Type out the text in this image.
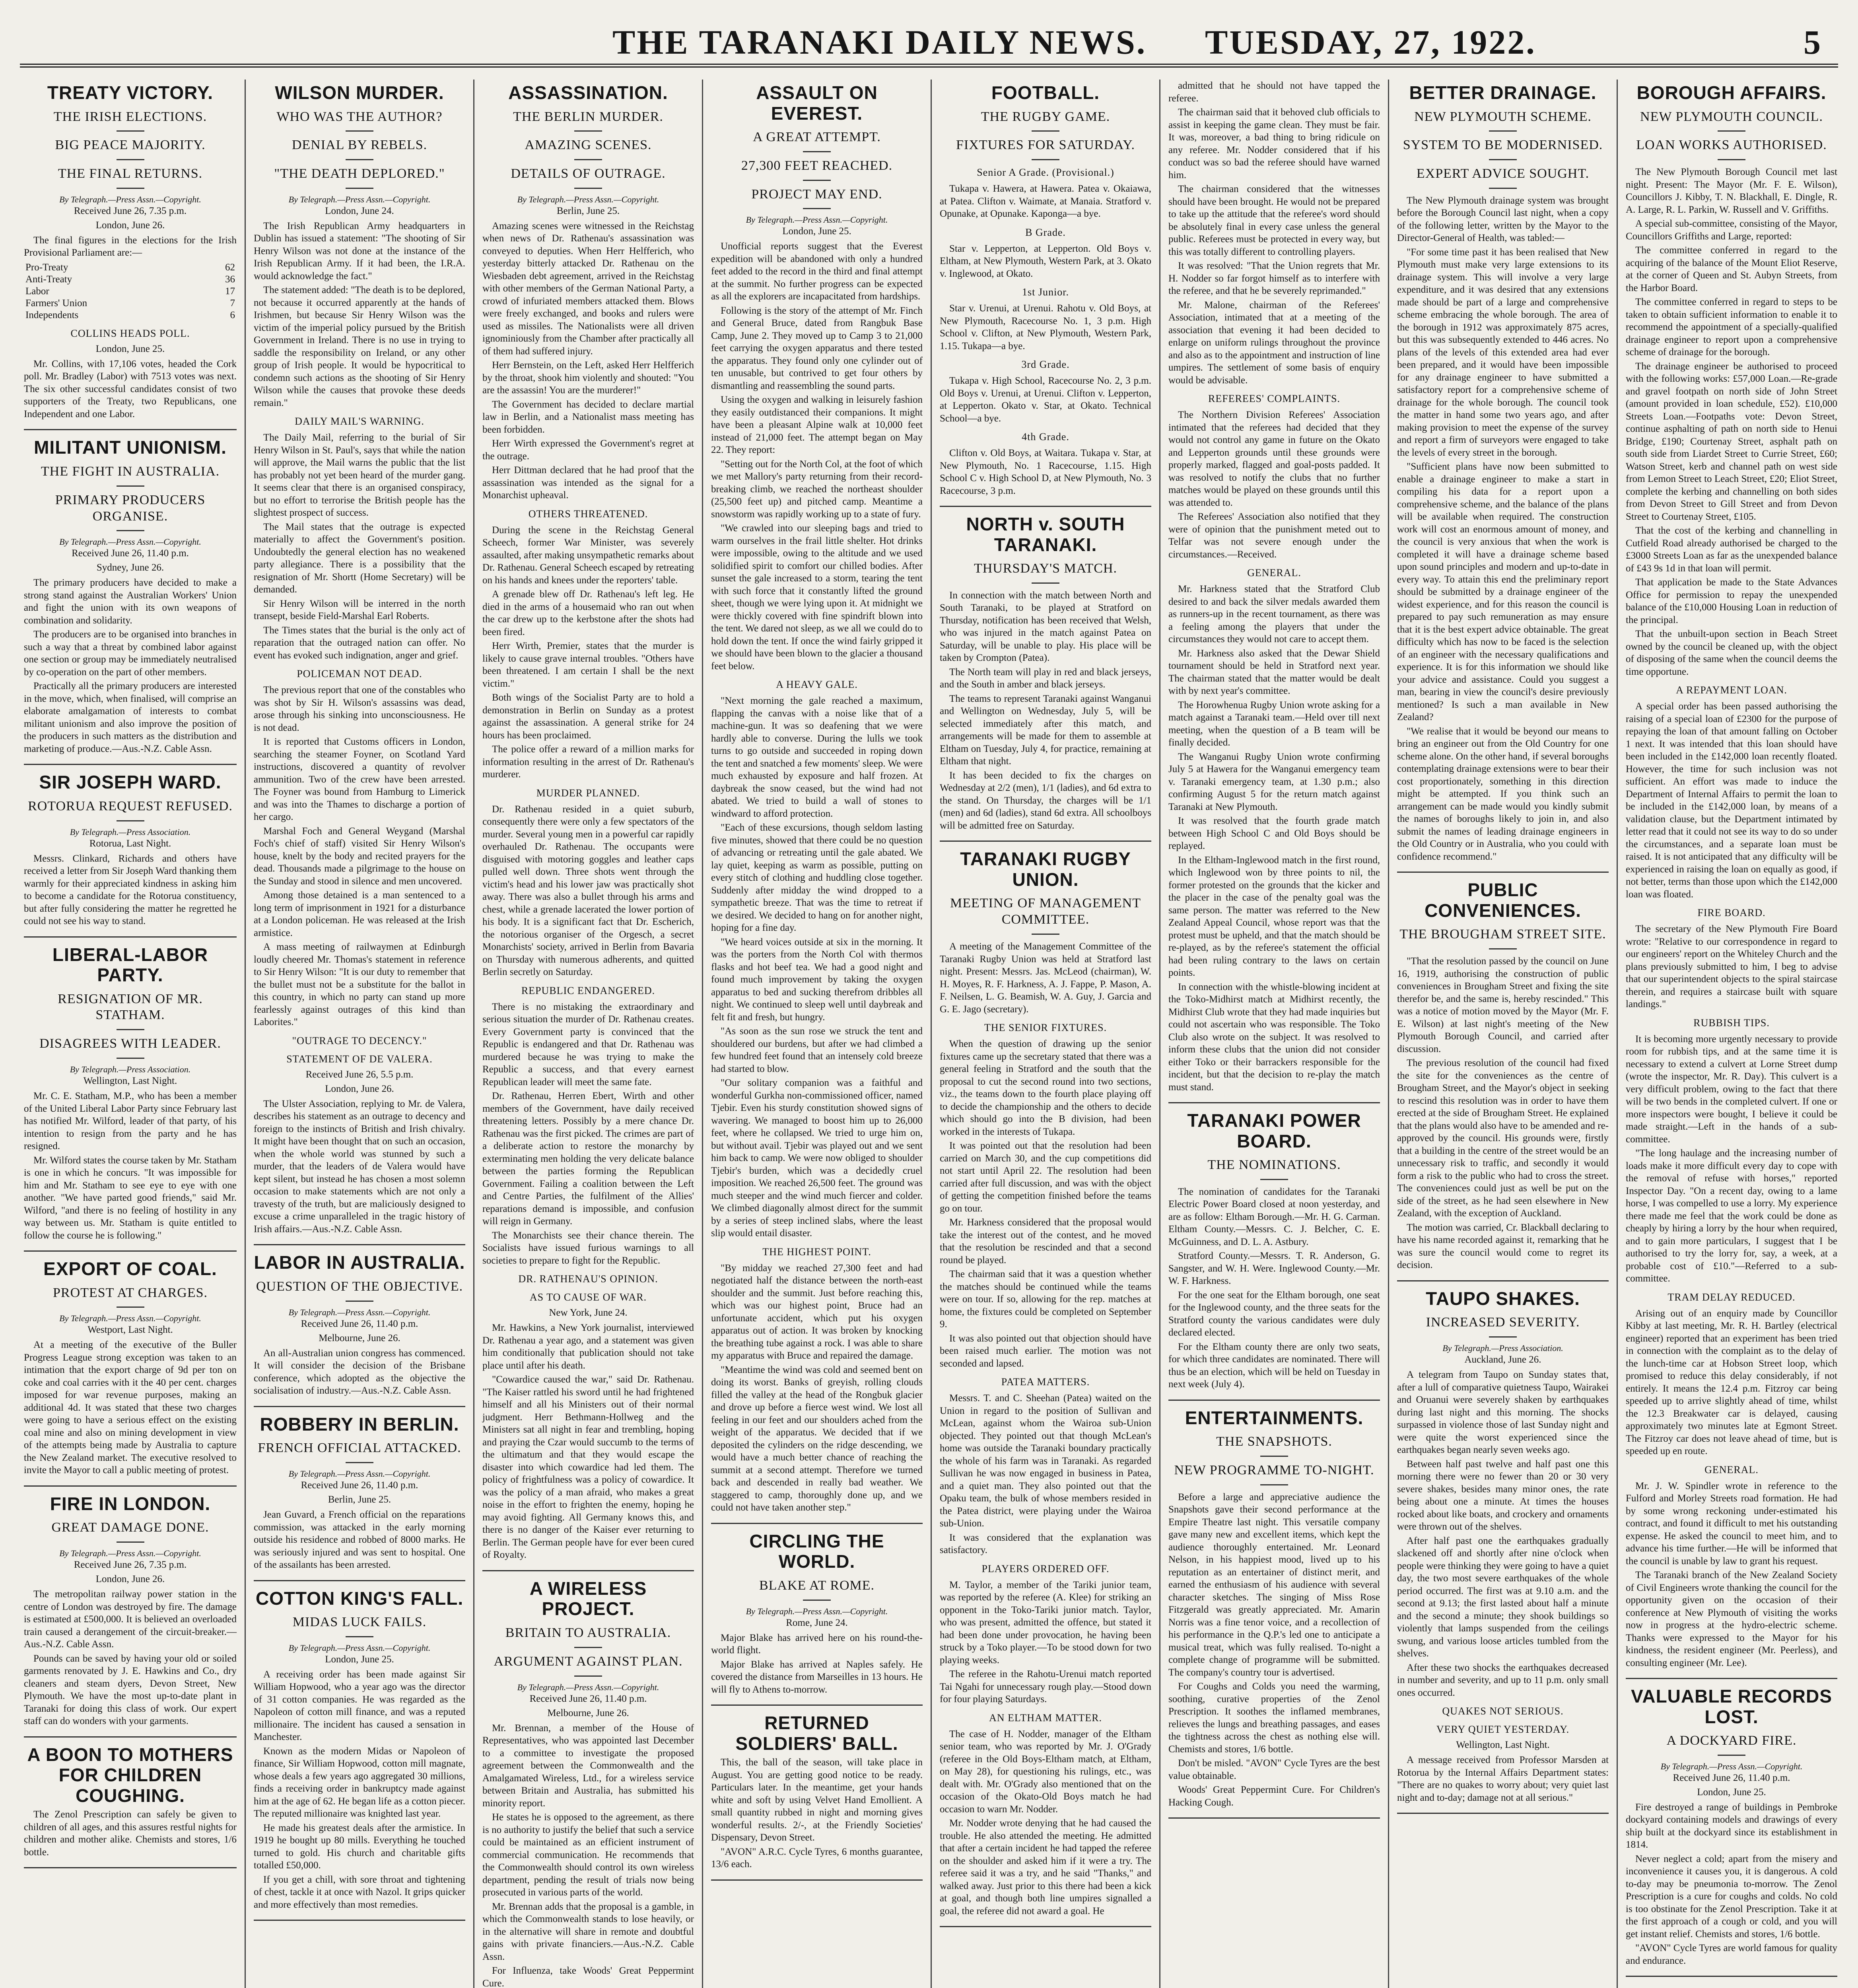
THE TARANAKI DAILY NEWS. TUESDAY, 27, 1922.	5
TREATY VICTORY.
THE IRISH ELECTIONS.
BIG PEACE MAJORITY.
THE FINAL RETURNS.
By Telegraph.—Press Assn.—Copyright.
Received June 26, 7.35 p.m.
London, June 26.

The final figures in the elections for the Irish Provisional Parliament are:—

Pro-Treaty	62
Anti-Treaty	36
Labor	17
Farmers' Union	7
Independents	6
COLLINS HEADS POLL.
London, June 25.

Mr. Collins, with 17,106 votes, headed the Cork poll. Mr. Bradley (Labor) with 7513 votes was next. The six other successful candidates consist of two supporters of the Treaty, two Republicans, one Independent and one Labor.

MILITANT UNIONISM.
THE FIGHT IN AUSTRALIA.
PRIMARY PRODUCERS ORGANISE.
By Telegraph.—Press Assn.—Copyright.
Received June 26, 11.40 p.m.
Sydney, June 26.

The primary producers have decided to make a strong stand against the Australian Workers' Union and fight the union with its own weapons of combination and solidarity.

The producers are to be organised into branches in such a way that a threat by combined labor against one section or group may be immediately neutralised by co-operation on the part of other members.

Practically all the primary producers are interested in the move, which, when finalised, will comprise an elaborate amalgamation of interests to combat militant unionism and also improve the position of the producers in such matters as the distribution and marketing of produce.—Aus.-N.Z. Cable Assn.

SIR JOSEPH WARD.
ROTORUA REQUEST REFUSED.
By Telegraph.—Press Association.
Rotorua, Last Night.

Messrs. Clinkard, Richards and others have received a letter from Sir Joseph Ward thanking them warmly for their appreciated kindness in asking him to become a candidate for the Rotorua constituency, but after fully considering the matter he regretted he could not see his way to stand.

LIBERAL-LABOR PARTY.
RESIGNATION OF MR. STATHAM.
DISAGREES WITH LEADER.
By Telegraph.—Press Association.
Wellington, Last Night.

Mr. C. E. Statham, M.P., who has been a member of the United Liberal Labor Party since February last has notified Mr. Wilford, leader of that party, of his intention to resign from the party and he has resigned.

Mr. Wilford states the course taken by Mr. Statham is one in which he concurs. "It was impossible for him and Mr. Statham to see eye to eye with one another. "We have parted good friends," said Mr. Wilford, "and there is no feeling of hostility in any way between us. Mr. Statham is quite entitled to follow the course he is following."

EXPORT OF COAL.
PROTEST AT CHARGES.
By Telegraph.—Press Assn.—Copyright.
Westport, Last Night.

At a meeting of the executive of the Buller Progress League strong exception was taken to an intimation that the export charge of 9d per ton on coke and coal carries with it the 40 per cent. charges imposed for war revenue purposes, making an additional 4d. It was stated that these two charges were going to have a serious effect on the existing coal mine and also on mining development in view of the attempts being made by Australia to capture the New Zealand market. The executive resolved to invite the Mayor to call a public meeting of protest.

FIRE IN LONDON.
GREAT DAMAGE DONE.
By Telegraph.—Press Assn.—Copyright.
Received June 26, 7.35 p.m.
London, June 26.

The metropolitan railway power station in the centre of London was destroyed by fire. The damage is estimated at £500,000. It is believed an overloaded train caused a derangement of the circuit-breaker.—Aus.-N.Z. Cable Assn.

Pounds can be saved by having your old or soiled garments renovated by J. E. Hawkins and Co., dry cleaners and steam dyers, Devon Street, New Plymouth. We have the most up-to-date plant in Taranaki for doing this class of work. Our expert staff can do wonders with your garments.

A BOON TO MOTHERS FOR CHILDREN COUGHING.

The Zenol Prescription can safely be given to children of all ages, and this assures restful nights for children and mother alike. Chemists and stores, 1/6 bottle.

WILSON MURDER.
WHO WAS THE AUTHOR?
DENIAL BY REBELS.
"THE DEATH DEPLORED."
By Telegraph.—Press Assn.—Copyright.
London, June 24.

The Irish Republican Army headquarters in Dublin has issued a statement: "The shooting of Sir Henry Wilson was not done at the instance of the Irish Republican Army. If it had been, the I.R.A. would acknowledge the fact."

The statement added: "The death is to be deplored, not because it occurred apparently at the hands of Irishmen, but because Sir Henry Wilson was the victim of the imperial policy pursued by the British Government in Ireland. There is no use in trying to saddle the responsibility on Ireland, or any other group of Irish people. It would be hypocritical to condemn such actions as the shooting of Sir Henry Wilson while the causes that provoke these deeds remain."

DAILY MAIL'S WARNING.

The Daily Mail, referring to the burial of Sir Henry Wilson in St. Paul's, says that while the nation will approve, the Mail warns the public that the list has probably not yet been heard of the murder gang. It seems clear that there is an organised conspiracy, but no effort to terrorise the British people has the slightest prospect of success.

The Mail states that the outrage is expected materially to affect the Government's position. Undoubtedly the general election has no weakened party allegiance. There is a possibility that the resignation of Mr. Shortt (Home Secretary) will be demanded.

Sir Henry Wilson will be interred in the north transept, beside Field-Marshal Earl Roberts.

The Times states that the burial is the only act of reparation that the outraged nation can offer. No event has evoked such indignation, anger and grief.

POLICEMAN NOT DEAD.

The previous report that one of the constables who was shot by Sir H. Wilson's assassins was dead, arose through his sinking into unconsciousness. He is not dead.

It is reported that Customs officers in London, searching the steamer Foyner, on Scotland Yard instructions, discovered a quantity of revolver ammunition. Two of the crew have been arrested. The Foyner was bound from Hamburg to Limerick and was into the Thames to discharge a portion of her cargo.

Marshal Foch and General Weygand (Marshal Foch's chief of staff) visited Sir Henry Wilson's house, knelt by the body and recited prayers for the dead. Thousands made a pilgrimage to the house on the Sunday and stood in silence and men uncovered.

Among those detained is a man sentenced to a long term of imprisonment in 1921 for a disturbance at a London policeman. He was released at the Irish armistice.

A mass meeting of railwaymen at Edinburgh loudly cheered Mr. Thomas's statement in reference to Sir Henry Wilson: "It is our duty to remember that the bullet must not be a substitute for the ballot in this country, in which no party can stand up more fearlessly against outrages of this kind than Laborites."

"OUTRAGE TO DECENCY."
STATEMENT OF DE VALERA.
Received June 26, 5.5 p.m.
London, June 26.

The Ulster Association, replying to Mr. de Valera, describes his statement as an outrage to decency and foreign to the instincts of British and Irish chivalry. It might have been thought that on such an occasion, when the whole world was stunned by such a murder, that the leaders of de Valera would have kept silent, but instead he has chosen a most solemn occasion to make statements which are not only a travesty of the truth, but are maliciously designed to excuse a crime unparalleled in the tragic history of Irish affairs.—Aus.-N.Z. Cable Assn.

LABOR IN AUSTRALIA.
QUESTION OF THE OBJECTIVE.
By Telegraph.—Press Assn.—Copyright.
Received June 26, 11.40 p.m.
Melbourne, June 26.

An all-Australian union congress has commenced. It will consider the decision of the Brisbane conference, which adopted as the objective the socialisation of industry.—Aus.-N.Z. Cable Assn.

ROBBERY IN BERLIN.
FRENCH OFFICIAL ATTACKED.
By Telegraph.—Press Assn.—Copyright.
Received June 26, 11.40 p.m.
Berlin, June 25.

Jean Guvard, a French official on the reparations commission, was attacked in the early morning outside his residence and robbed of 8000 marks. He was seriously injured and was sent to hospital. One of the assailants has been arrested.

COTTON KING'S FALL.
MIDAS LUCK FAILS.
By Telegraph.—Press Assn.—Copyright.
London, June 25.

A receiving order has been made against Sir William Hopwood, who a year ago was the director of 31 cotton companies. He was regarded as the Napoleon of cotton mill finance, and was a reputed millionaire. The incident has caused a sensation in Manchester.

Known as the modern Midas or Napoleon of finance, Sir William Hopwood, cotton mill magnate, whose deals a few years ago aggregated 30 millions, finds a receiving order in bankruptcy made against him at the age of 62. He began life as a cotton piecer. The reputed millionaire was knighted last year.

He made his greatest deals after the armistice. In 1919 he bought up 80 mills. Everything he touched turned to gold. His church and charitable gifts totalled £50,000.

If you get a chill, with sore throat and tightening of chest, tackle it at once with Nazol. It grips quicker and more effectively than most remedies.

ASSASSINATION.
THE BERLIN MURDER.
AMAZING SCENES.
DETAILS OF OUTRAGE.
By Telegraph.—Press Assn.—Copyright.
Berlin, June 25.

Amazing scenes were witnessed in the Reichstag when news of Dr. Rathenau's assassination was conveyed to deputies. When Herr Helfferich, who yesterday bitterly attacked Dr. Rathenau on the Wiesbaden debt agreement, arrived in the Reichstag with other members of the German National Party, a crowd of infuriated members attacked them. Blows were freely exchanged, and books and rulers were used as missiles. The Nationalists were all driven ignominiously from the Chamber after practically all of them had suffered injury.

Herr Bernstein, on the Left, asked Herr Helfferich by the throat, shook him violently and shouted: "You are the assassin! You are the murderer!"

The Government has decided to declare martial law in Berlin, and a Nationalist mass meeting has been forbidden.

Herr Wirth expressed the Government's regret at the outrage.

Herr Dittman declared that he had proof that the assassination was intended as the signal for a Monarchist upheaval.

OTHERS THREATENED.

During the scene in the Reichstag General Scheech, former War Minister, was severely assaulted, after making unsympathetic remarks about Dr. Rathenau. General Scheech escaped by retreating on his hands and knees under the reporters' table.

A grenade blew off Dr. Rathenau's left leg. He died in the arms of a housemaid who ran out when the car drew up to the kerbstone after the shots had been fired.

Herr Wirth, Premier, states that the murder is likely to cause grave internal troubles. "Others have been threatened. I am certain I shall be the next victim."

Both wings of the Socialist Party are to hold a demonstration in Berlin on Sunday as a protest against the assassination. A general strike for 24 hours has been proclaimed.

The police offer a reward of a million marks for information resulting in the arrest of Dr. Rathenau's murderer.

MURDER PLANNED.

Dr. Rathenau resided in a quiet suburb, consequently there were only a few spectators of the murder. Several young men in a powerful car rapidly overhauled Dr. Rathenau. The occupants were disguised with motoring goggles and leather caps pulled well down. Three shots went through the victim's head and his lower jaw was practically shot away. There was also a bullet through his arms and chest, while a grenade lacerated the lower portion of his body. It is a significant fact that Dr. Escherich, the notorious organiser of the Orgesch, a secret Monarchists' society, arrived in Berlin from Bavaria on Thursday with numerous adherents, and quitted Berlin secretly on Saturday.

REPUBLIC ENDANGERED.

There is no mistaking the extraordinary and serious situation the murder of Dr. Rathenau creates. Every Government party is convinced that the Republic is endangered and that Dr. Rathenau was murdered because he was trying to make the Republic a success, and that every earnest Republican leader will meet the same fate.

Dr. Rathenau, Herren Ebert, Wirth and other members of the Government, have daily received threatening letters. Possibly by a mere chance Dr. Rathenau was the first picked. The crimes are part of a deliberate action to restore the monarchy by exterminating men holding the very delicate balance between the parties forming the Republican Government. Failing a coalition between the Left and Centre Parties, the fulfilment of the Allies' reparations demand is impossible, and confusion will reign in Germany.

The Monarchists see their chance therein. The Socialists have issued furious warnings to all societies to prepare to fight for the Republic.

DR. RATHENAU'S OPINION.
AS TO CAUSE OF WAR.
New York, June 24.

Mr. Hawkins, a New York journalist, interviewed Dr. Rathenau a year ago, and a statement was given him conditionally that publication should not take place until after his death.

"Cowardice caused the war," said Dr. Rathenau. "The Kaiser rattled his sword until he had frightened himself and all his Ministers out of their normal judgment. Herr Bethmann-Hollweg and the Ministers sat all night in fear and trembling, hoping and praying the Czar would succumb to the terms of the ultimatum and that they would escape the disaster into which cowardice had led them. The policy of frightfulness was a policy of cowardice. It was the policy of a man afraid, who makes a great noise in the effort to frighten the enemy, hoping he may avoid fighting. All Germany knows this, and there is no danger of the Kaiser ever returning to Berlin. The German people have for ever been cured of Royalty.

A WIRELESS PROJECT.
BRITAIN TO AUSTRALIA.
ARGUMENT AGAINST PLAN.
By Telegraph.—Press Assn.—Copyright.
Received June 26, 11.40 p.m.
Melbourne, June 26.

Mr. Brennan, a member of the House of Representatives, who was appointed last December to a committee to investigate the proposed agreement between the Commonwealth and the Amalgamated Wireless, Ltd., for a wireless service between Britain and Australia, has submitted his minority report.

He states he is opposed to the agreement, as there is no authority to justify the belief that such a service could be maintained as an efficient instrument of commercial communication. He recommends that the Commonwealth should control its own wireless department, pending the result of trials now being prosecuted in various parts of the world.

Mr. Brennan adds that the proposal is a gamble, in which the Commonwealth stands to lose heavily, or in the alternative will share in remote and doubtful gains with private financiers.—Aus.-N.Z. Cable Assn.

For Influenza, take Woods' Great Peppermint Cure.

ASSAULT ON EVEREST.
A GREAT ATTEMPT.
27,300 FEET REACHED.
PROJECT MAY END.
By Telegraph.—Press Assn.—Copyright.
London, June 25.

Unofficial reports suggest that the Everest expedition will be abandoned with only a hundred feet added to the record in the third and final attempt at the summit. No further progress can be expected as all the explorers are incapacitated from hardships.

Following is the story of the attempt of Mr. Finch and General Bruce, dated from Rangbuk Base Camp, June 2. They moved up to Camp 3 to 21,000 feet carrying the oxygen apparatus and there tested the apparatus. They found only one cylinder out of ten unusable, but contrived to get four others by dismantling and reassembling the sound parts.

Using the oxygen and walking in leisurely fashion they easily outdistanced their companions. It might have been a pleasant Alpine walk at 10,000 feet instead of 21,000 feet. The attempt began on May 22. They report:

"Setting out for the North Col, at the foot of which we met Mallory's party returning from their record-breaking climb, we reached the northeast shoulder (25,500 feet up) and pitched camp. Meantime a snowstorm was rapidly working up to a state of fury.

"We crawled into our sleeping bags and tried to warm ourselves in the frail little shelter. Hot drinks were impossible, owing to the altitude and we used solidified spirit to comfort our chilled bodies. After sunset the gale increased to a storm, tearing the tent with such force that it constantly lifted the ground sheet, though we were lying upon it. At midnight we were thickly covered with fine spindrift blown into the tent. We dared not sleep, as we all we could do to hold down the tent. If once the wind fairly gripped it we should have been blown to the glacier a thousand feet below.

A HEAVY GALE.

"Next morning the gale reached a maximum, flapping the canvas with a noise like that of a machine-gun. It was so deafening that we were hardly able to converse. During the lulls we took turns to go outside and succeeded in roping down the tent and snatched a few moments' sleep. We were much exhausted by exposure and half frozen. At daybreak the snow ceased, but the wind had not abated. We tried to build a wall of stones to windward to afford protection.

"Each of these excursions, though seldom lasting five minutes, showed that there could be no question of advancing or retreating until the gale abated. We lay quiet, keeping as warm as possible, putting on every stitch of clothing and huddling close together. Suddenly after midday the wind dropped to a sympathetic breeze. That was the time to retreat if we desired. We decided to hang on for another night, hoping for a fine day.

"We heard voices outside at six in the morning. It was the porters from the North Col with thermos flasks and hot beef tea. We had a good night and found much improvement by taking the oxygen apparatus to bed and sucking therefrom dribbles all night. We continued to sleep well until daybreak and felt fit and fresh, but hungry.

"As soon as the sun rose we struck the tent and shouldered our burdens, but after we had climbed a few hundred feet found that an intensely cold breeze had started to blow.

"Our solitary companion was a faithful and wonderful Gurkha non-commissioned officer, named Tjebir. Even his sturdy constitution showed signs of wavering. We managed to boost him up to 26,000 feet, where he collapsed. We tried to urge him on, but without avail. Tjebir was played out and we sent him back to camp. We were now obliged to shoulder Tjebir's burden, which was a decidedly cruel imposition. We reached 26,500 feet. The ground was much steeper and the wind much fiercer and colder. We climbed diagonally almost direct for the summit by a series of steep inclined slabs, where the least slip would entail disaster.

THE HIGHEST POINT.

"By midday we reached 27,300 feet and had negotiated half the distance between the north-east shoulder and the summit. Just before reaching this, which was our highest point, Bruce had an unfortunate accident, which put his oxygen apparatus out of action. It was broken by knocking the breathing tube against a rock. I was able to share my apparatus with Bruce and repaired the damage.

"Meantime the wind was cold and seemed bent on doing its worst. Banks of greyish, rolling clouds filled the valley at the head of the Rongbuk glacier and drove up before a fierce west wind. We lost all feeling in our feet and our shoulders ached from the weight of the apparatus. We decided that if we deposited the cylinders on the ridge descending, we would have a much better chance of reaching the summit at a second attempt. Therefore we turned back and descended in really bad weather. We staggered to camp, thoroughly done up, and we could not have taken another step."

CIRCLING THE WORLD.
BLAKE AT ROME.
By Telegraph.—Press Assn.—Copyright.
Rome, June 24.

Major Blake has arrived here on his round-the-world flight.

Major Blake has arrived at Naples safely. He covered the distance from Marseilles in 13 hours. He will fly to Athens to-morrow.

RETURNED SOLDIERS' BALL.

This, the ball of the season, will take place in August. You are getting good notice to be ready. Particulars later. In the meantime, get your hands white and soft by using Velvet Hand Emollient. A small quantity rubbed in night and morning gives wonderful results. 2/-, at the Friendly Societies' Dispensary, Devon Street.

"AVON" A.R.C. Cycle Tyres, 6 months guarantee, 13/6 each.

FOOTBALL.
THE RUGBY GAME.
FIXTURES FOR SATURDAY.
Senior A Grade. (Provisional.)

Tukapa v. Hawera, at Hawera. Patea v. Okaiawa, at Patea. Clifton v. Waimate, at Manaia. Stratford v. Opunake, at Opunake. Kaponga—a bye.

B Grade.

Star v. Lepperton, at Lepperton. Old Boys v. Eltham, at New Plymouth, Western Park, at 3. Okato v. Inglewood, at Okato.

1st Junior.

Star v. Urenui, at Urenui. Rahotu v. Old Boys, at New Plymouth, Racecourse No. 1, 3 p.m. High School v. Clifton, at New Plymouth, Western Park, 1.15. Tukapa—a bye.

3rd Grade.

Tukapa v. High School, Racecourse No. 2, 3 p.m. Old Boys v. Urenui, at Urenui. Clifton v. Lepperton, at Lepperton. Okato v. Star, at Okato. Technical School—a bye.

4th Grade.

Clifton v. Old Boys, at Waitara. Tukapa v. Star, at New Plymouth, No. 1 Racecourse, 1.15. High School C v. High School D, at New Plymouth, No. 3 Racecourse, 3 p.m.

NORTH v. SOUTH TARANAKI.
THURSDAY'S MATCH.

In connection with the match between North and South Taranaki, to be played at Stratford on Thursday, notification has been received that Welsh, who was injured in the match against Patea on Saturday, will be unable to play. His place will be taken by Crompton (Patea).

The North team will play in red and black jerseys, and the South in amber and black jerseys.

The teams to represent Taranaki against Wanganui and Wellington on Wednesday, July 5, will be selected immediately after this match, and arrangements will be made for them to assemble at Eltham on Tuesday, July 4, for practice, remaining at Eltham that night.

It has been decided to fix the charges on Wednesday at 2/2 (men), 1/1 (ladies), and 6d extra to the stand. On Thursday, the charges will be 1/1 (men) and 6d (ladies), stand 6d extra. All schoolboys will be admitted free on Saturday.

TARANAKI RUGBY UNION.
MEETING OF MANAGEMENT COMMITTEE.

A meeting of the Management Committee of the Taranaki Rugby Union was held at Stratford last night. Present: Messrs. Jas. McLeod (chairman), W. H. Moyes, R. F. Harkness, A. J. Fappe, P. Mason, A. F. Neilsen, L. G. Beamish, W. A. Guy, J. Garcia and G. E. Jago (secretary).

THE SENIOR FIXTURES.

When the question of drawing up the senior fixtures came up the secretary stated that there was a general feeling in Stratford and the south that the proposal to cut the second round into two sections, viz., the teams down to the fourth place playing off to decide the championship and the others to decide which should go into the B division, had been worked in the interests of Tukapa.

It was pointed out that the resolution had been carried on March 30, and the cup competitions did not start until April 22. The resolution had been carried after full discussion, and was with the object of getting the competition finished before the teams go on tour.

Mr. Harkness considered that the proposal would take the interest out of the contest, and he moved that the resolution be rescinded and that a second round be played.

The chairman said that it was a question whether the matches should be continued while the teams were on tour. If so, allowing for the rep. matches at home, the fixtures could be completed on September 9.

It was also pointed out that objection should have been raised much earlier. The motion was not seconded and lapsed.

PATEA MATTERS.

Messrs. T. and C. Sheehan (Patea) waited on the Union in regard to the position of Sullivan and McLean, against whom the Wairoa sub-Union objected. They pointed out that though McLean's home was outside the Taranaki boundary practically the whole of his farm was in Taranaki. As regarded Sullivan he was now engaged in business in Patea, and a quiet man. They also pointed out that the Opaku team, the bulk of whose members resided in the Patea district, were playing under the Wairoa sub-Union.

It was considered that the explanation was satisfactory.

PLAYERS ORDERED OFF.

M. Taylor, a member of the Tariki junior team, was reported by the referee (A. Klee) for striking an opponent in the Toko-Tariki junior match. Taylor, who was present, admitted the offence, but stated it had been done under provocation, he having been struck by a Toko player.—To be stood down for two playing weeks.

The referee in the Rahotu-Urenui match reported Tai Ngahi for unnecessary rough play.—Stood down for four playing Saturdays.

AN ELTHAM MATTER.

The case of H. Nodder, manager of the Eltham senior team, who was reported by Mr. J. O'Grady (referee in the Old Boys-Eltham match, at Eltham, on May 28), for questioning his rulings, etc., was dealt with. Mr. O'Grady also mentioned that on the occasion of the Okato-Old Boys match he had occasion to warn Mr. Nodder.

Mr. Nodder wrote denying that he had caused the trouble. He also attended the meeting. He admitted that after a certain incident he had tapped the referee on the shoulder and asked him if it were a try. The referee said it was a try, and he said "Thanks," and walked away. Just prior to this there had been a kick at goal, and though both line umpires signalled a goal, the referee did not award a goal. He

admitted that he should not have tapped the referee.

The chairman said that it behoved club officials to assist in keeping the game clean. They must be fair. It was, moreover, a bad thing to bring ridicule on any referee. Mr. Nodder considered that if his conduct was so bad the referee should have warned him.

The chairman considered that the witnesses should have been brought. He would not be prepared to take up the attitude that the referee's word should be absolutely final in every case unless the general public. Referees must be protected in every way, but this was totally different to controlling players.

It was resolved: "That the Union regrets that Mr. H. Nodder so far forgot himself as to interfere with the referee, and that he be severely reprimanded."

Mr. Malone, chairman of the Referees' Association, intimated that at a meeting of the association that evening it had been decided to enlarge on uniform rulings throughout the province and also as to the appointment and instruction of line umpires. The settlement of some basis of enquiry would be advisable.

REFEREES' COMPLAINTS.

The Northern Division Referees' Association intimated that the referees had decided that they would not control any game in future on the Okato and Lepperton grounds until these grounds were properly marked, flagged and goal-posts padded. It was resolved to notify the clubs that no further matches would be played on these grounds until this was attended to.

The Referees' Association also notified that they were of opinion that the punishment meted out to Telfar was not severe enough under the circumstances.—Received.

GENERAL.

Mr. Harkness stated that the Stratford Club desired to and back the silver medals awarded them as runners-up in the recent tournament, as there was a feeling among the players that under the circumstances they would not care to accept them.

Mr. Harkness also asked that the Dewar Shield tournament should be held in Stratford next year. The chairman stated that the matter would be dealt with by next year's committee.

The Horowhenua Rugby Union wrote asking for a match against a Taranaki team.—Held over till next meeting, when the question of a B team will be finally decided.

The Wanganui Rugby Union wrote confirming July 5 at Hawera for the Wanganui emergency team v. Taranaki emergency team, at 1.30 p.m.; also confirming August 5 for the return match against Taranaki at New Plymouth.

It was resolved that the fourth grade match between High School C and Old Boys should be replayed.

In the Eltham-Inglewood match in the first round, which Inglewood won by three points to nil, the former protested on the grounds that the kicker and the placer in the case of the penalty goal was the same person. The matter was referred to the New Zealand Appeal Council, whose report was that the protest must be upheld, and that the match should be re-played, as by the referee's statement the official had been ruling contrary to the laws on certain points.

In connection with the whistle-blowing incident at the Toko-Midhirst match at Midhirst recently, the Midhirst Club wrote that they had made inquiries but could not ascertain who was responsible. The Toko Club also wrote on the subject. It was resolved to inform these clubs that the union did not consider either Toko or their barrackers responsible for the incident, but that the decision to re-play the match must stand.

TARANAKI POWER BOARD.
THE NOMINATIONS.

The nomination of candidates for the Taranaki Electric Power Board closed at noon yesterday, and are as follow: Eltham Borough.—Mr. H. G. Carman. Eltham County.—Messrs. C. J. Belcher, C. E. McGuinness, and D. L. A. Astbury.

Stratford County.—Messrs. T. R. Anderson, G. Sangster, and W. H. Were. Inglewood County.—Mr. W. F. Harkness.

For the one seat for the Eltham borough, one seat for the Inglewood county, and the three seats for the Stratford county the various candidates were duly declared elected.

For the Eltham county there are only two seats, for which three candidates are nominated. There will thus be an election, which will be held on Tuesday in next week (July 4).

ENTERTAINMENTS.
THE SNAPSHOTS.
NEW PROGRAMME TO-NIGHT.

Before a large and appreciative audience the Snapshots gave their second performance at the Empire Theatre last night. This versatile company gave many new and excellent items, which kept the audience thoroughly entertained. Mr. Leonard Nelson, in his happiest mood, lived up to his reputation as an entertainer of distinct merit, and earned the enthusiasm of his audience with several character sketches. The singing of Miss Rose Fitzgerald was greatly appreciated. Mr. Amarin Norris was a fine tenor voice, and a recollection of his performance in the Q.P.'s led one to anticipate a musical treat, which was fully realised. To-night a complete change of programme will be submitted. The company's country tour is advertised.

For Coughs and Colds you need the warming, soothing, curative properties of the Zenol Prescription. It soothes the inflamed membranes, relieves the lungs and breathing passages, and eases the tightness across the chest as nothing else will. Chemists and stores, 1/6 bottle.

Don't be misled. "AVON" Cycle Tyres are the best value obtainable.

Woods' Great Peppermint Cure. For Children's Hacking Cough.

BETTER DRAINAGE.
NEW PLYMOUTH SCHEME.
SYSTEM TO BE MODERNISED.
EXPERT ADVICE SOUGHT.

The New Plymouth drainage system was brought before the Borough Council last night, when a copy of the following letter, written by the Mayor to the Director-General of Health, was tabled:—

"For some time past it has been realised that New Plymouth must make very large extensions to its drainage system. This will involve a very large expenditure, and it was desired that any extensions made should be part of a large and comprehensive scheme embracing the whole borough. The area of the borough in 1912 was approximately 875 acres, but this was subsequently extended to 446 acres. No plans of the levels of this extended area had ever been prepared, and it would have been impossible for any drainage engineer to have submitted a satisfactory report for a comprehensive scheme of drainage for the whole borough. The council took the matter in hand some two years ago, and after making provision to meet the expense of the survey and report a firm of surveyors were engaged to take the levels of every street in the borough.

"Sufficient plans have now been submitted to enable a drainage engineer to make a start in compiling his data for a report upon a comprehensive scheme, and the balance of the plans will be available when required. The construction work will cost an enormous amount of money, and the council is very anxious that when the work is completed it will have a drainage scheme based upon sound principles and modern and up-to-date in every way. To attain this end the preliminary report should be submitted by a drainage engineer of the widest experience, and for this reason the council is prepared to pay such remuneration as may ensure that it is the best expert advice obtainable. The great difficulty which has now to be faced is the selection of an engineer with the necessary qualifications and experience. It is for this information we should like your advice and assistance. Could you suggest a man, bearing in view the council's desire previously mentioned? Is such a man available in New Zealand?

"We realise that it would be beyond our means to bring an engineer out from the Old Country for one scheme alone. On the other hand, if several boroughs contemplating drainage extensions were to bear their cost proportionately, something in this direction might be attempted. If you think such an arrangement can be made would you kindly submit the names of boroughs likely to join in, and also submit the names of leading drainage engineers in the Old Country or in Australia, who you could with confidence recommend."

PUBLIC CONVENIENCES.
THE BROUGHAM STREET SITE.

"That the resolution passed by the council on June 16, 1919, authorising the construction of public conveniences in Brougham Street and fixing the site therefor be, and the same is, hereby rescinded." This was a notice of motion moved by the Mayor (Mr. F. E. Wilson) at last night's meeting of the New Plymouth Borough Council, and carried after discussion.

The previous resolution of the council had fixed the site for the conveniences as the centre of Brougham Street, and the Mayor's object in seeking to rescind this resolution was in order to have them erected at the side of Brougham Street. He explained that the plans would also have to be amended and re-approved by the council. His grounds were, firstly that a building in the centre of the street would be an unnecessary risk to traffic, and secondly it would form a risk to the public who had to cross the street. The conveniences could just as well be put on the side of the street, as he had seen elsewhere in New Zealand, with the exception of Auckland.

The motion was carried, Cr. Blackball declaring to have his name recorded against it, remarking that he was sure the council would come to regret its decision.

TAUPO SHAKES.
INCREASED SEVERITY.
By Telegraph.—Press Association.
Auckland, June 26.

A telegram from Taupo on Sunday states that, after a lull of comparative quietness Taupo, Wairakei and Oruanui were severely shaken by earthquakes during last night and this morning. The shocks surpassed in violence those of last Sunday night and were quite the worst experienced since the earthquakes began nearly seven weeks ago.

Between half past twelve and half past one this morning there were no fewer than 20 or 30 very severe shakes, besides many minor ones, the rate being about one a minute. At times the houses rocked about like boats, and crockery and ornaments were thrown out of the shelves.

After half past one the earthquakes gradually slackened off and shortly after nine o'clock when people were thinking they were going to have a quiet day, the two most severe earthquakes of the whole period occurred. The first was at 9.10 a.m. and the second at 9.13; the first lasted about half a minute and the second a minute; they shook buildings so violently that lamps suspended from the ceilings swung, and various loose articles tumbled from the shelves.

After these two shocks the earthquakes decreased in number and severity, and up to 11 p.m. only small ones occurred.

QUAKES NOT SERIOUS.
VERY QUIET YESTERDAY.
Wellington, Last Night.

A message received from Professor Marsden at Rotorua by the Internal Affairs Department states: "There are no quakes to worry about; very quiet last night and to-day; damage not at all serious."

BOROUGH AFFAIRS.
NEW PLYMOUTH COUNCIL.
LOAN WORKS AUTHORISED.

The New Plymouth Borough Council met last night. Present: The Mayor (Mr. F. E. Wilson), Councillors J. Kibby, T. N. Blackhall, E. Dingle, R. A. Large, R. L. Parkin, W. Russell and V. Griffiths.

A special sub-committee, consisting of the Mayor, Councillors Griffiths and Large, reported:

The committee conferred in regard to the acquiring of the balance of the Mount Eliot Reserve, at the corner of Queen and St. Aubyn Streets, from the Harbor Board.

The committee conferred in regard to steps to be taken to obtain sufficient information to enable it to recommend the appointment of a specially-qualified drainage engineer to report upon a comprehensive scheme of drainage for the borough.

The drainage engineer be authorised to proceed with the following works: £57,000 Loan.—Re-grade and gravel footpath on north side of John Street (amount provided in loan schedule, £52). £10,000 Streets Loan.—Footpaths vote: Devon Street, continue asphalting of path on north side to Henui Bridge, £190; Courtenay Street, asphalt path on south side from Liardet Street to Currie Street, £60; Watson Street, kerb and channel path on west side from Lemon Street to Leach Street, £20; Eliot Street, complete the kerbing and channelling on both sides from Devon Street to Gill Street and from Devon Street to Courtenay Street, £105.

That the cost of the kerbing and channelling in Cutfield Road already authorised be charged to the £3000 Streets Loan as far as the unexpended balance of £43 9s 1d in that loan will permit.

That application be made to the State Advances Office for permission to repay the unexpended balance of the £10,000 Housing Loan in reduction of the principal.

That the unbuilt-upon section in Beach Street owned by the council be cleaned up, with the object of disposing of the same when the council deems the time opportune.

A REPAYMENT LOAN.

A special order has been passed authorising the raising of a special loan of £2300 for the purpose of repaying the loan of that amount falling on October 1 next. It was intended that this loan should have been included in the £142,000 loan recently floated. However, the time for such inclusion was not sufficient. An effort was made to induce the Department of Internal Affairs to permit the loan to be included in the £142,000 loan, by means of a validation clause, but the Department intimated by letter read that it could not see its way to do so under the circumstances, and a separate loan must be raised. It is not anticipated that any difficulty will be experienced in raising the loan on equally as good, if not better, terms than those upon which the £142,000 loan was floated.

FIRE BOARD.

The secretary of the New Plymouth Fire Board wrote: "Relative to our correspondence in regard to our engineers' report on the Whiteley Church and the plans previously submitted to him, I beg to advise that our superintendent objects to the spiral staircase therein, and requires a staircase built with square landings."

RUBBISH TIPS.

It is becoming more urgently necessary to provide room for rubbish tips, and at the same time it is necessary to extend a culvert at Lorne Street dump (wrote the inspector, Mr. R. Day). This culvert is a very difficult problem, owing to the fact that there will be two bends in the completed culvert. If one or more inspectors were bought, I believe it could be made straight.—Left in the hands of a sub-committee.

"The long haulage and the increasing number of loads make it more difficult every day to cope with the removal of refuse with horses," reported Inspector Day. "On a recent day, owing to a lame horse, I was compelled to use a lorry. My experience there made me feel that the work could be done as cheaply by hiring a lorry by the hour when required, and to gain more particulars, I suggest that I be authorised to try the lorry for, say, a week, at a probable cost of £10."—Referred to a sub-committee.

TRAM DELAY REDUCED.

Arising out of an enquiry made by Councillor Kibby at last meeting, Mr. R. H. Bartley (electrical engineer) reported that an experiment has been tried in connection with the complaint as to the delay of the lunch-time car at Hobson Street loop, which promised to reduce this delay considerably, if not entirely. It means the 12.4 p.m. Fitzroy car being speeded up to arrive slightly ahead of time, whilst the 12.3 Breakwater car is delayed, causing approximately two minutes late at Egmont Street. The Fitzroy car does not leave ahead of time, but is speeded up en route.

GENERAL.

Mr. J. W. Spindler wrote in reference to the Fulford and Morley Streets road formation. He had by some wrong reckoning under-estimated his contract, and found it difficult to met his outstanding expense. He asked the council to meet him, and to advance his time further.—He will be informed that the council is unable by law to grant his request.

The Taranaki branch of the New Zealand Society of Civil Engineers wrote thanking the council for the opportunity given on the occasion of their conference at New Plymouth of visiting the works now in progress at the hydro-electric scheme. Thanks were expressed to the Mayor for his kindness, the resident engineer (Mr. Peerless), and consulting engineer (Mr. Lee).

VALUABLE RECORDS LOST.
A DOCKYARD FIRE.
By Telegraph.—Press Assn.—Copyright.
Received June 26, 11.40 p.m.
London, June 25.

Fire destroyed a range of buildings in Pembroke dockyard containing models and drawings of every ship built at the dockyard since its establishment in 1814.

Never neglect a cold; apart from the misery and inconvenience it causes you, it is dangerous. A cold to-day may be pneumonia to-morrow. The Zenol Prescription is a cure for coughs and colds. No cold is too obstinate for the Zenol Prescription. Take it at the first approach of a cough or cold, and you will get instant relief. Chemists and stores, 1/6 bottle.

"AVON" Cycle Tyres are world famous for quality and endurance.
